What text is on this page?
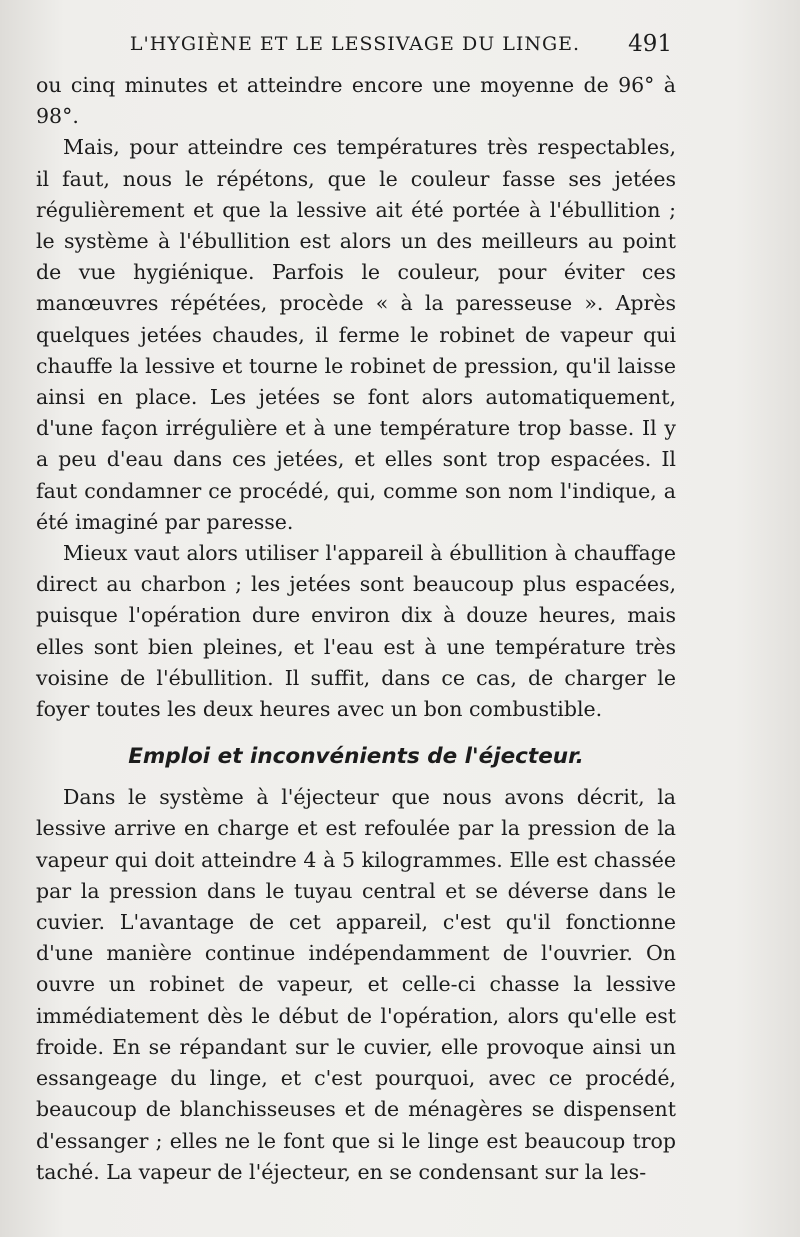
L'HYGIÈNE ET LE LESSIVAGE DU LINGE.	491

ou cinq minutes et atteindre encore une moyenne de 96° à 98°.

Mais, pour atteindre ces températures très respectables, il faut, nous le répétons, que le couleur fasse ses jetées régulièrement et que la lessive ait été portée à l'ébullition ; le système à l'ébullition est alors un des meilleurs au point de vue hygiénique. Parfois le couleur, pour éviter ces manœuvres répétées, procède « à la paresseuse ». Après quelques jetées chaudes, il ferme le robinet de vapeur qui chauffe la lessive et tourne le robinet de pression, qu'il laisse ainsi en place. Les jetées se font alors automatiquement, d'une façon irrégulière et à une température trop basse. Il y a peu d'eau dans ces jetées, et elles sont trop espacées. Il faut condamner ce procédé, qui, comme son nom l'indique, a été imaginé par paresse.

Mieux vaut alors utiliser l'appareil à ébullition à chauffage direct au charbon ; les jetées sont beaucoup plus espacées, puisque l'opération dure environ dix à douze heures, mais elles sont bien pleines, et l'eau est à une température très voisine de l'ébullition. Il suffit, dans ce cas, de charger le foyer toutes les deux heures avec un bon combustible.

Emploi et inconvénients de l'éjecteur.

Dans le système à l'éjecteur que nous avons décrit, la lessive arrive en charge et est refoulée par la pression de la vapeur qui doit atteindre 4 à 5 kilogrammes. Elle est chassée par la pression dans le tuyau central et se déverse dans le cuvier. L'avantage de cet appareil, c'est qu'il fonctionne d'une manière continue indépendamment de l'ouvrier. On ouvre un robinet de vapeur, et celle-ci chasse la lessive immédiatement dès le début de l'opération, alors qu'elle est froide. En se répandant sur le cuvier, elle provoque ainsi un essangeage du linge, et c'est pourquoi, avec ce procédé, beaucoup de blanchisseuses et de ménagères se dispensent d'essanger ; elles ne le font que si le linge est beaucoup trop taché. La vapeur de l'éjecteur, en se condensant sur la les-
